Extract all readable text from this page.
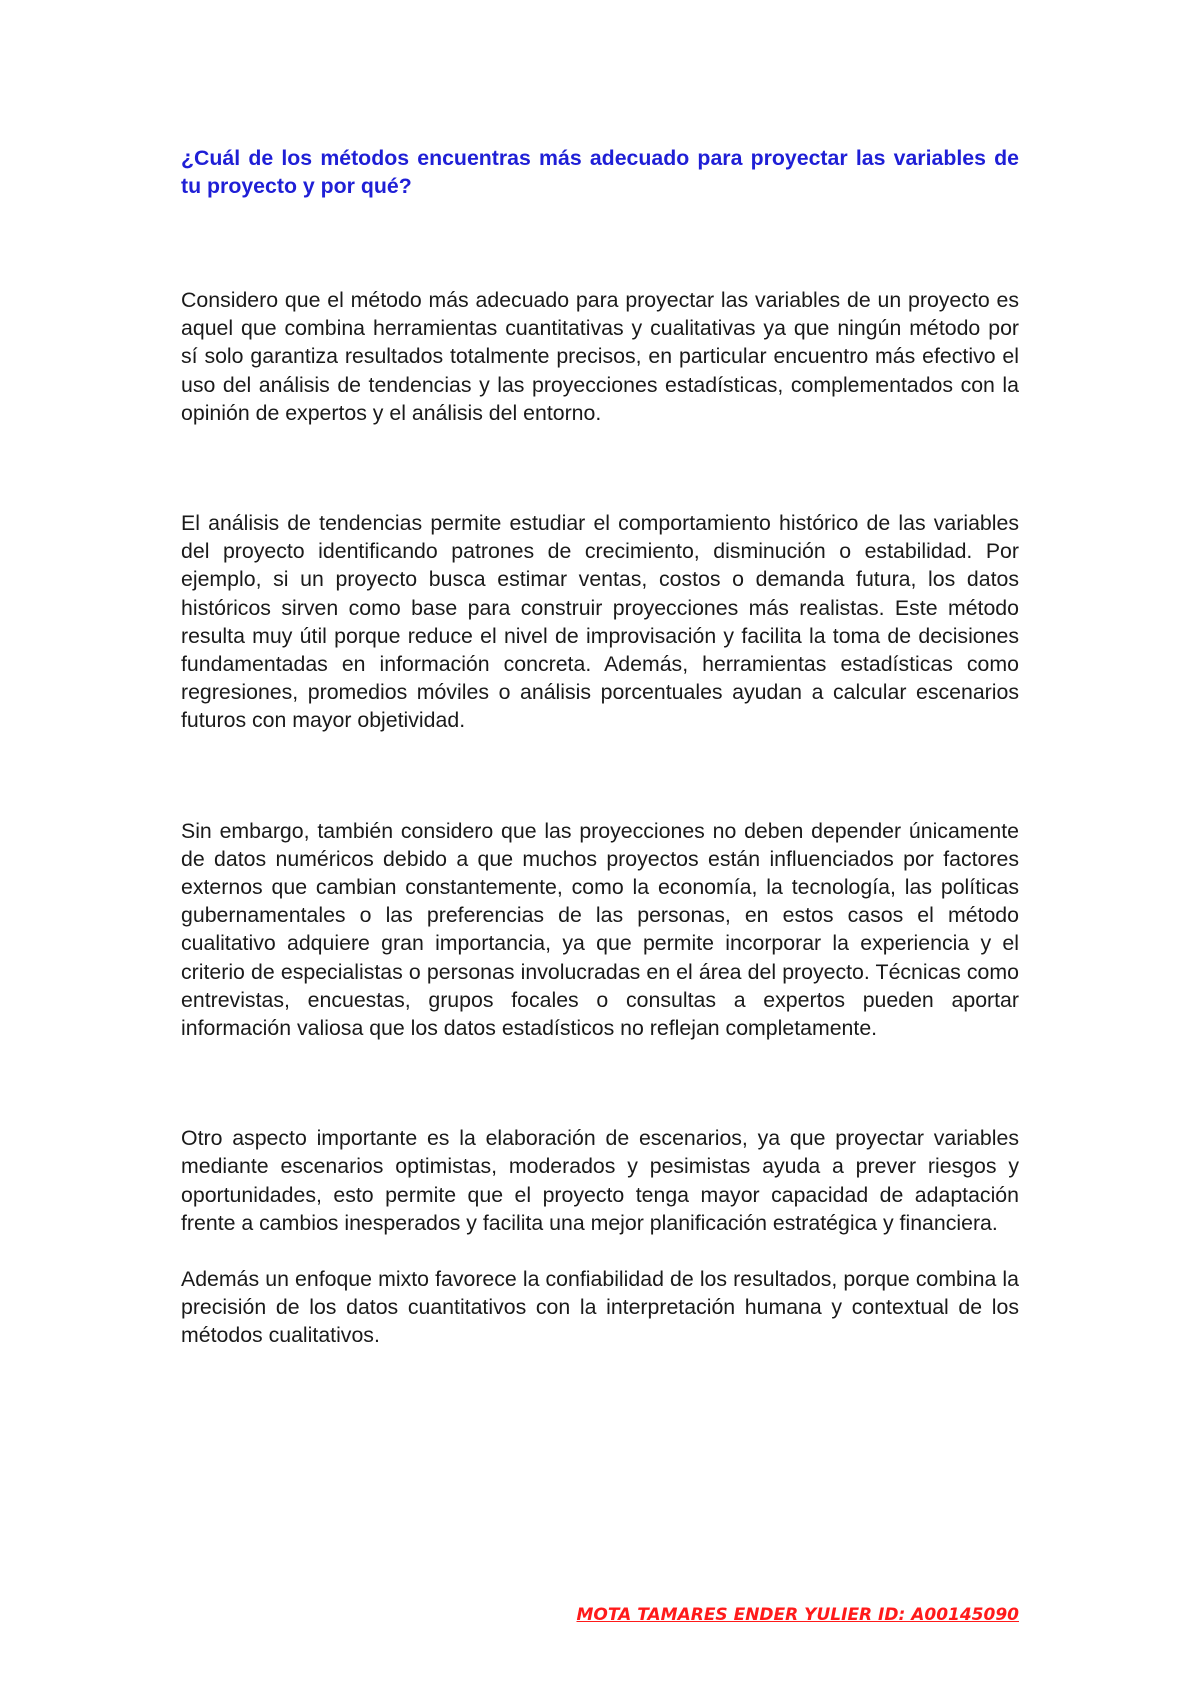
¿Cuál de los métodos encuentras más adecuado para proyectar las variables de tu proyecto y por qué?

Considero que el método más adecuado para proyectar las variables de un proyecto es aquel que combina herramientas cuantitativas y cualitativas ya que ningún método por sí solo garantiza resultados totalmente precisos, en particular encuentro más efectivo el uso del análisis de tendencias y las proyecciones estadísticas, complementados con la opinión de expertos y el análisis del entorno.

El análisis de tendencias permite estudiar el comportamiento histórico de las variables del proyecto identificando patrones de crecimiento, disminución o estabilidad. Por ejemplo, si un proyecto busca estimar ventas, costos o demanda futura, los datos históricos sirven como base para construir proyecciones más realistas. Este método resulta muy útil porque reduce el nivel de improvisación y facilita la toma de decisiones fundamentadas en información concreta. Además, herramientas estadísticas como regresiones, promedios móviles o análisis porcentuales ayudan a calcular escenarios futuros con mayor objetividad.

Sin embargo, también considero que las proyecciones no deben depender únicamente de datos numéricos debido a que muchos proyectos están influenciados por factores externos que cambian constantemente, como la economía, la tecnología, las políticas gubernamentales o las preferencias de las personas, en estos casos el método cualitativo adquiere gran importancia, ya que permite incorporar la experiencia y el criterio de especialistas o personas involucradas en el área del proyecto. Técnicas como entrevistas, encuestas, grupos focales o consultas a expertos pueden aportar información valiosa que los datos estadísticos no reflejan completamente.

Otro aspecto importante es la elaboración de escenarios, ya que proyectar variables mediante escenarios optimistas, moderados y pesimistas ayuda a prever riesgos y oportunidades, esto permite que el proyecto tenga mayor capacidad de adaptación frente a cambios inesperados y facilita una mejor planificación estratégica y financiera.

Además un enfoque mixto favorece la confiabilidad de los resultados, porque combina la precisión de los datos cuantitativos con la interpretación humana y contextual de los métodos cualitativos.

MOTA TAMARES ENDER YULIER ID: A00145090
